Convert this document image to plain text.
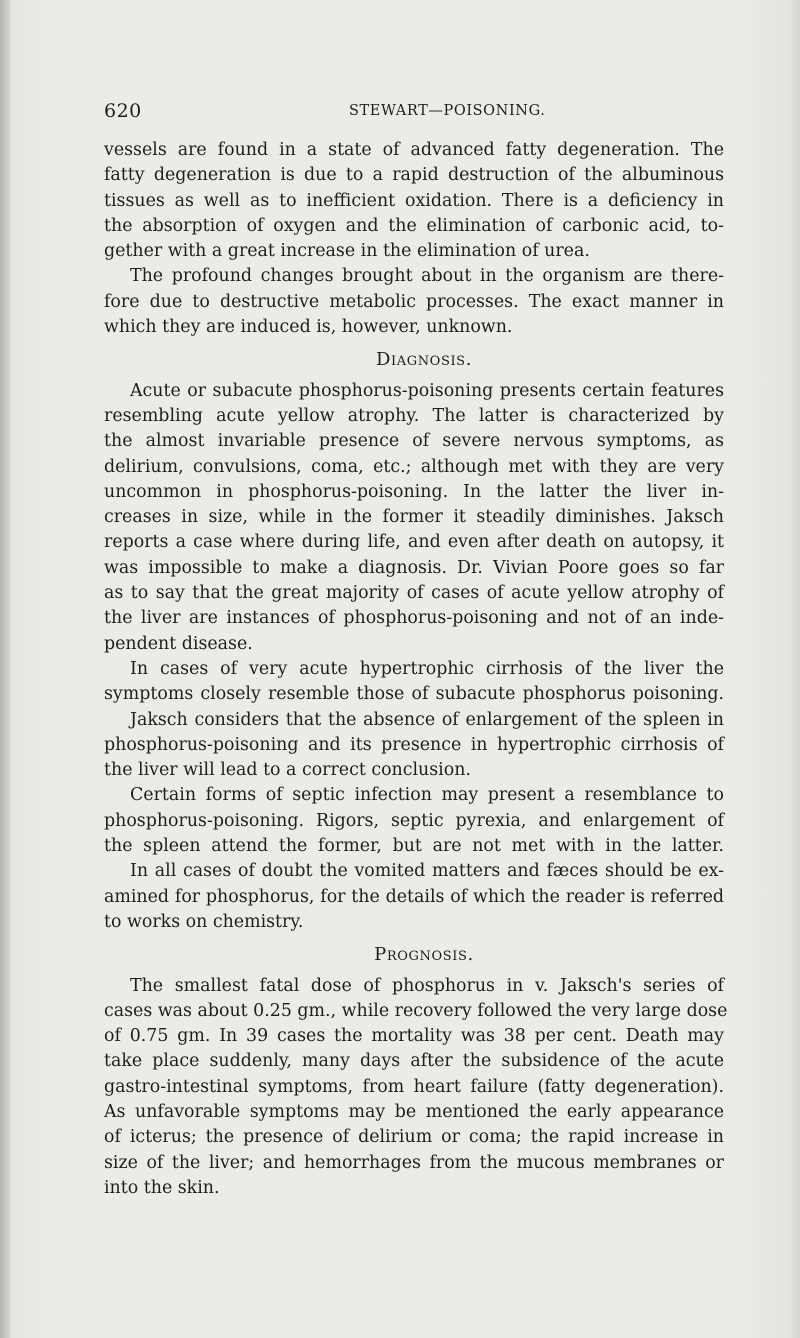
620	STEWART—POISONING.
vessels are found in a state of advanced fatty degeneration. The
fatty degeneration is due to a rapid destruction of the albuminous
tissues as well as to inefficient oxidation. There is a deficiency in
the absorption of oxygen and the elimination of carbonic acid, to-
gether with a great increase in the elimination of urea.
The profound changes brought about in the organism are there-
fore due to destructive metabolic processes. The exact manner in
which they are induced is, however, unknown.
Diagnosis.
Acute or subacute phosphorus-poisoning presents certain features
resembling acute yellow atrophy. The latter is characterized by
the almost invariable presence of severe nervous symptoms, as
delirium, convulsions, coma, etc.; although met with they are very
uncommon in phosphorus-poisoning. In the latter the liver in-
creases in size, while in the former it steadily diminishes. Jaksch
reports a case where during life, and even after death on autopsy, it
was impossible to make a diagnosis. Dr. Vivian Poore goes so far
as to say that the great majority of cases of acute yellow atrophy of
the liver are instances of phosphorus-poisoning and not of an inde-
pendent disease.
In cases of very acute hypertrophic cirrhosis of the liver the
symptoms closely resemble those of subacute phosphorus poisoning.
Jaksch considers that the absence of enlargement of the spleen in
phosphorus-poisoning and its presence in hypertrophic cirrhosis of
the liver will lead to a correct conclusion.
Certain forms of septic infection may present a resemblance to
phosphorus-poisoning. Rigors, septic pyrexia, and enlargement of
the spleen attend the former, but are not met with in the latter.
In all cases of doubt the vomited matters and fæces should be ex-
amined for phosphorus, for the details of which the reader is referred
to works on chemistry.
Prognosis.
The smallest fatal dose of phosphorus in v. Jaksch's series of
cases was about 0.25 gm., while recovery followed the very large dose
of 0.75 gm. In 39 cases the mortality was 38 per cent. Death may
take place suddenly, many days after the subsidence of the acute
gastro-intestinal symptoms, from heart failure (fatty degeneration).
As unfavorable symptoms may be mentioned the early appearance
of icterus; the presence of delirium or coma; the rapid increase in
size of the liver; and hemorrhages from the mucous membranes or
into the skin.
